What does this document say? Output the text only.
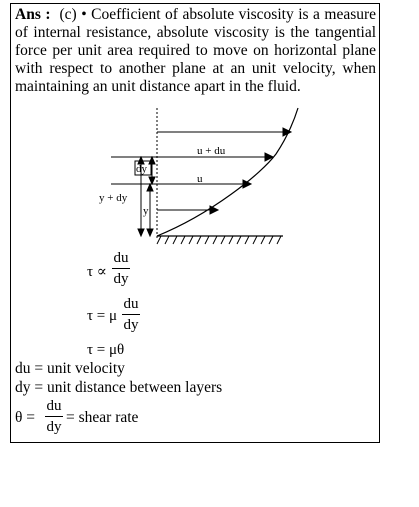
Ans : (c) • Coefficient of absolute viscosity is a measure of internal resistance, absolute viscosity is the tangential force per unit area required to move on horizontal plane with respect to another plane at an unit velocity, when maintaining an unit distance apart in the fluid.
u + du
u
dy
y + dy
y
τ ∝
du
dy
τ = μ
du
dy
τ = μθ
du = unit velocity
dy = unit distance between layers
θ =
du
dy
= shear rate
